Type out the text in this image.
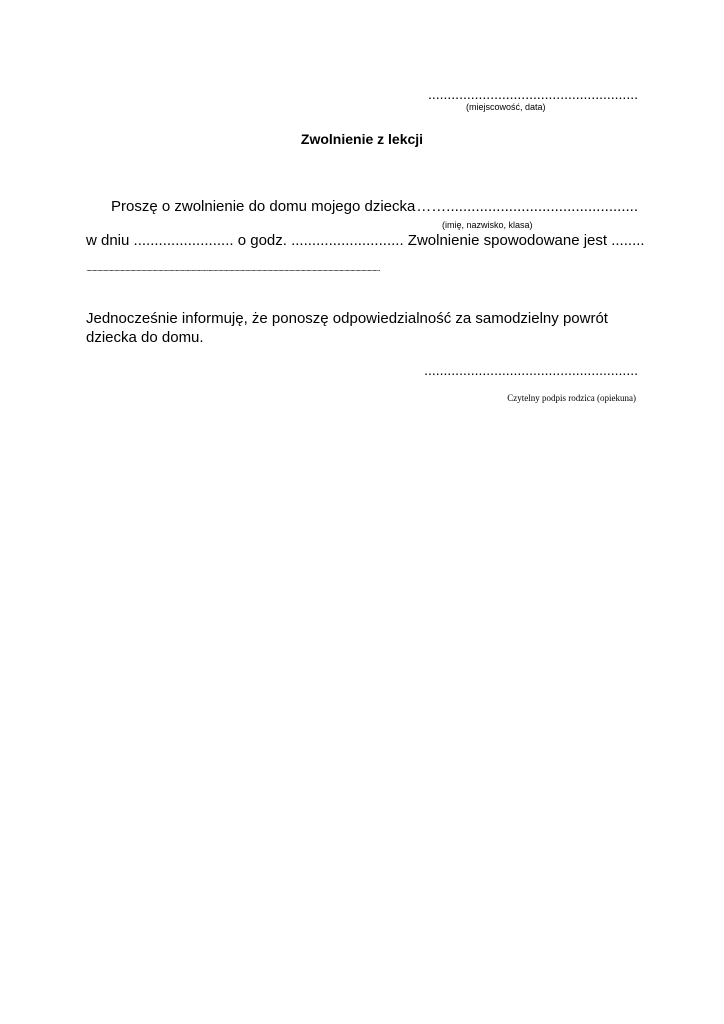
......................................................
(miejscowość, data)
Zwolnienie z lekcji
Proszę o zwolnienie do domu mojego dziecka ……..............................................
(imię, nazwisko, klasa)
w dniu ........................ o godz. ........................... Zwolnienie spowodowane jest ........
................................................................................................................................................................................................................................................
Jednocześnie informuję, że ponoszę odpowiedzialność za samodzielny powrót dziecka do domu.
.......................................................
Czytelny podpis rodzica (opiekuna)
